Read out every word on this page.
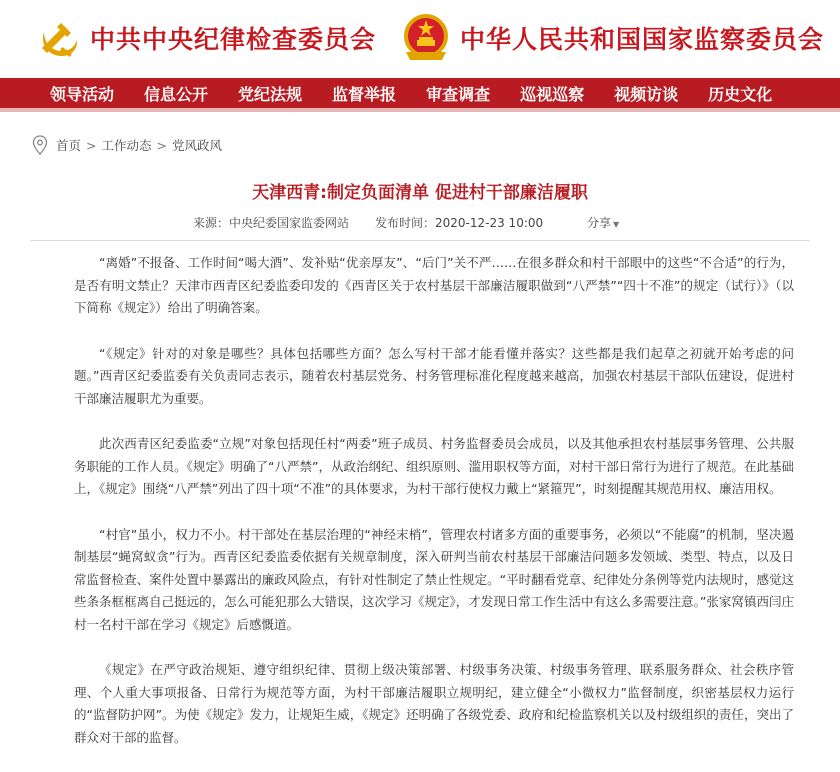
中共中央纪律检查委员会	中华人民共和国国家监察委员会
领导活动 信息公开 党纪法规 监督举报 审查调查 巡视巡察 视频访谈 历史文化
首页 > 工作动态 > 党风政风
天津西青:制定负面清单 促进村干部廉洁履职
来源：中央纪委国家监委网站 发布时间：2020-12-23 10:00	分享 ▼

“离婚”不报备、工作时间“喝大酒”、发补贴“优亲厚友”、“后门”关不严……在很多群众和村干部眼中的这些“不合适”的行为，是否有明文禁止？天津市西青区纪委监委印发的《西青区关于农村基层干部廉洁履职做到“八严禁”“四十不准”的规定（试行）》（以下简称《规定》）给出了明确答案。

“《规定》针对的对象是哪些？具体包括哪些方面？怎么写村干部才能看懂并落实？这些都是我们起草之初就开始考虑的问题。”西青区纪委监委有关负责同志表示，随着农村基层党务、村务管理标准化程度越来越高，加强农村基层干部队伍建设，促进村干部廉洁履职尤为重要。

此次西青区纪委监委“立规”对象包括现任村“两委”班子成员、村务监督委员会成员，以及其他承担农村基层事务管理、公共服务职能的工作人员。《规定》明确了“八严禁”，从政治纲纪、组织原则、滥用职权等方面，对村干部日常行为进行了规范。在此基础上，《规定》围绕“八严禁”列出了四十项“不准”的具体要求，为村干部行使权力戴上“紧箍咒”，时刻提醒其规范用权、廉洁用权。

“村官”虽小，权力不小。村干部处在基层治理的“神经末梢”，管理农村诸多方面的重要事务，必须以“不能腐”的机制，坚决遏制基层“蝇窝蚁贪”行为。西青区纪委监委依据有关规章制度，深入研判当前农村基层干部廉洁问题多发领域、类型、特点，以及日常监督检查、案件处置中暴露出的廉政风险点，有针对性制定了禁止性规定。“平时翻看党章、纪律处分条例等党内法规时，感觉这些条条框框离自己挺远的，怎么可能犯那么大错误，这次学习《规定》，才发现日常工作生活中有这么多需要注意。”张家窝镇西闫庄村一名村干部在学习《规定》后感慨道。

《规定》在严守政治规矩、遵守组织纪律、贯彻上级决策部署、村级事务决策、村级事务管理、联系服务群众、社会秩序管理、个人重大事项报备、日常行为规范等方面，为村干部廉洁履职立规明纪，建立健全“小微权力”监督制度，织密基层权力运行的“监督防护网”。为使《规定》发力，让规矩生威，《规定》还明确了各级党委、政府和纪检监察机关以及村级组织的责任，突出了群众对干部的监督。
